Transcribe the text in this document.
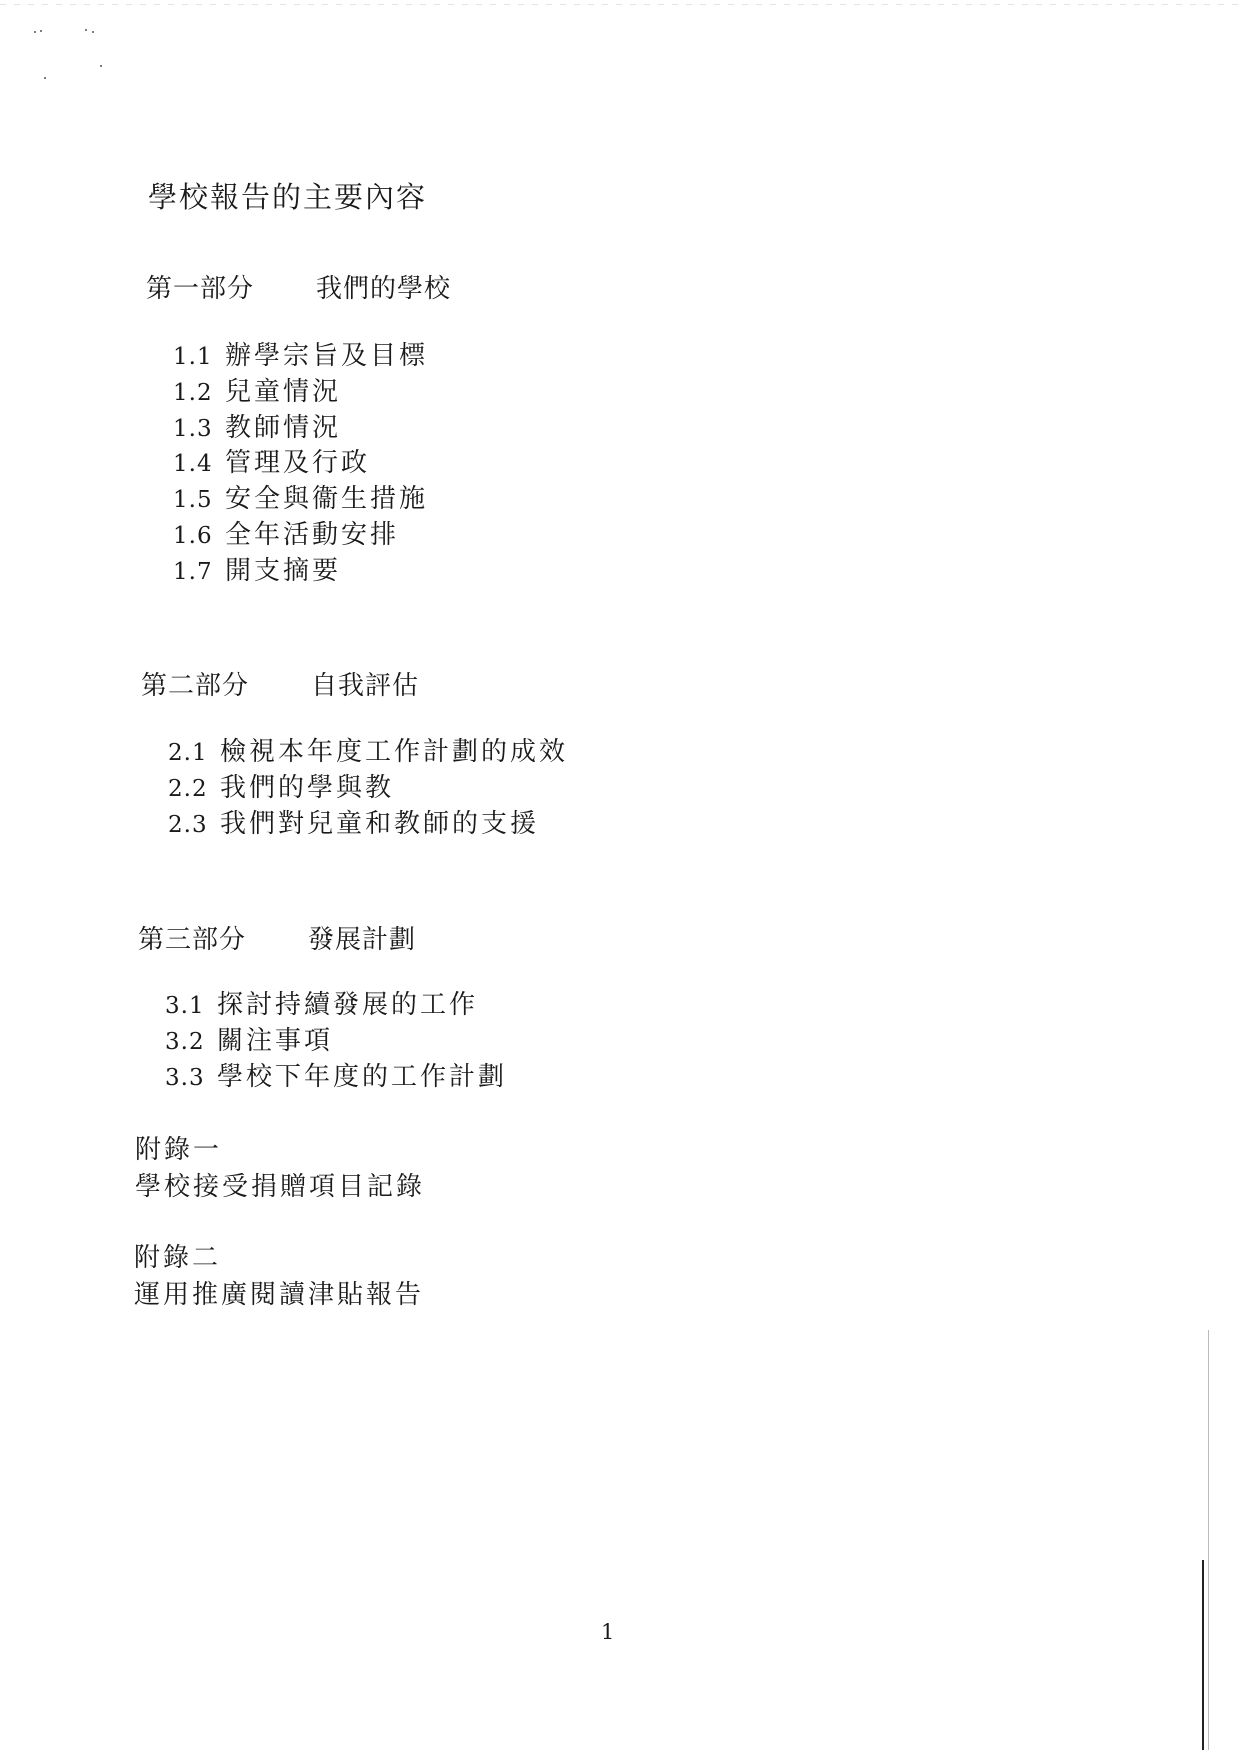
學校報告的主要內容
第一部分 我們的學校
1.1 辦學宗旨及目標
1.2 兒童情況
1.3 教師情況
1.4 管理及行政
1.5 安全與衞生措施
1.6 全年活動安排
1.7 開支摘要
第二部分 自我評估
2.1 檢視本年度工作計劃的成效
2.2 我們的學與教
2.3 我們對兒童和教師的支援
第三部分 發展計劃
3.1 探討持續發展的工作
3.2 關注事項
3.3 學校下年度的工作計劃
附錄一
學校接受捐贈項目記錄
附錄二
運用推廣閱讀津貼報告
1
